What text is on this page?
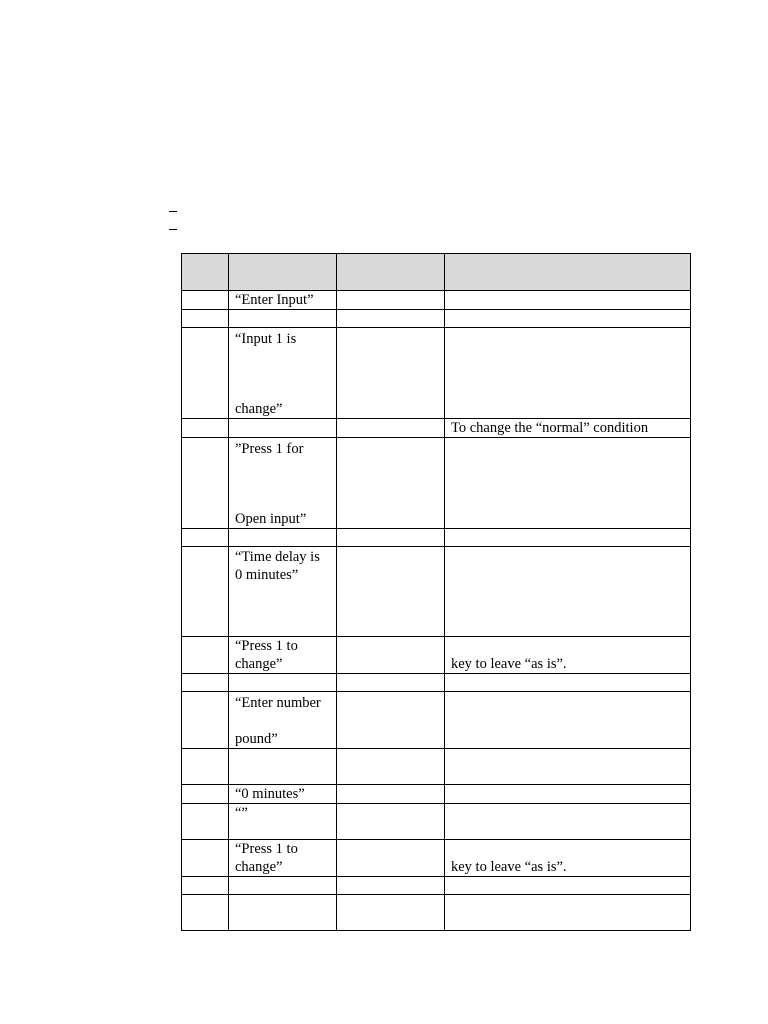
	“Enter Input”		

	“Input 1 is
change”		

			To change the “normal” condition

	”Press 1 for
Open input”		

	“Time delay is
0 minutes”		

	“Press 1 to
change”		key to leave “as is”.

	“Enter number
pound”		

	“0 minutes”		

	“”		

	“Press 1 to
change”		key to leave “as is”.
